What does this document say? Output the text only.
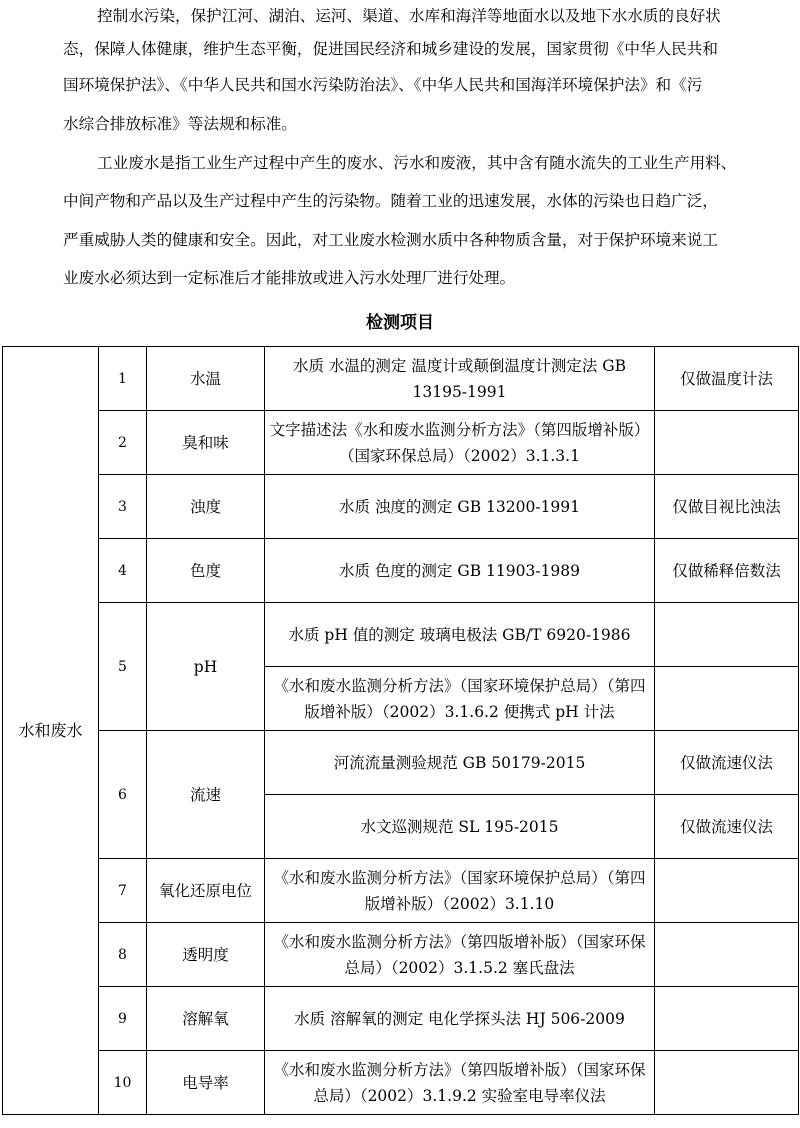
控制水污染，保护江河、湖泊、运河、渠道、水库和海洋等地面水以及地下水水质的良好状
态，保障人体健康，维护生态平衡，促进国民经济和城乡建设的发展，国家贯彻《中华人民共和
国环境保护法》、《中华人民共和国水污染防治法》、《中华人民共和国海洋环境保护法》和《污
水综合排放标准》等法规和标准。
工业废水是指工业生产过程中产生的废水、污水和废液，其中含有随水流失的工业生产用料、
中间产物和产品以及生产过程中产生的污染物。随着工业的迅速发展，水体的污染也日趋广泛，
严重威胁人类的健康和安全。因此，对工业废水检测水质中各种物质含量，对于保护环境来说工
业废水必须达到一定标准后才能排放或进入污水处理厂进行处理。
检测项目
水和废水	1	水温	水质 水温的测定 温度计或颠倒温度计测定法 GB 13195-1991	仅做温度计法
	2	臭和味	文字描述法《水和废水监测分析方法》（第四版增补版）（国家环保总局）（2002）3.1.3.1	
	3	浊度	水质 浊度的测定 GB 13200-1991	仅做目视比浊法
	4	色度	水质 色度的测定 GB 11903-1989	仅做稀释倍数法
	5	pH	水质 pH 值的测定 玻璃电极法 GB/T 6920-1986	
			《水和废水监测分析方法》（国家环境保护总局）（第四版增补版）（2002）3.1.6.2 便携式 pH 计法	
	6	流速	河流流量测验规范 GB 50179-2015	仅做流速仪法
			水文巡测规范 SL 195-2015	仅做流速仪法
	7	氧化还原电位	《水和废水监测分析方法》（国家环境保护总局）（第四版增补版）（2002）3.1.10	
	8	透明度	《水和废水监测分析方法》（第四版增补版）（国家环保总局）（2002）3.1.5.2 塞氏盘法	
	9	溶解氧	水质 溶解氧的测定 电化学探头法 HJ 506-2009	
	10	电导率	《水和废水监测分析方法》（第四版增补版）（国家环保总局）（2002）3.1.9.2 实验室电导率仪法	
